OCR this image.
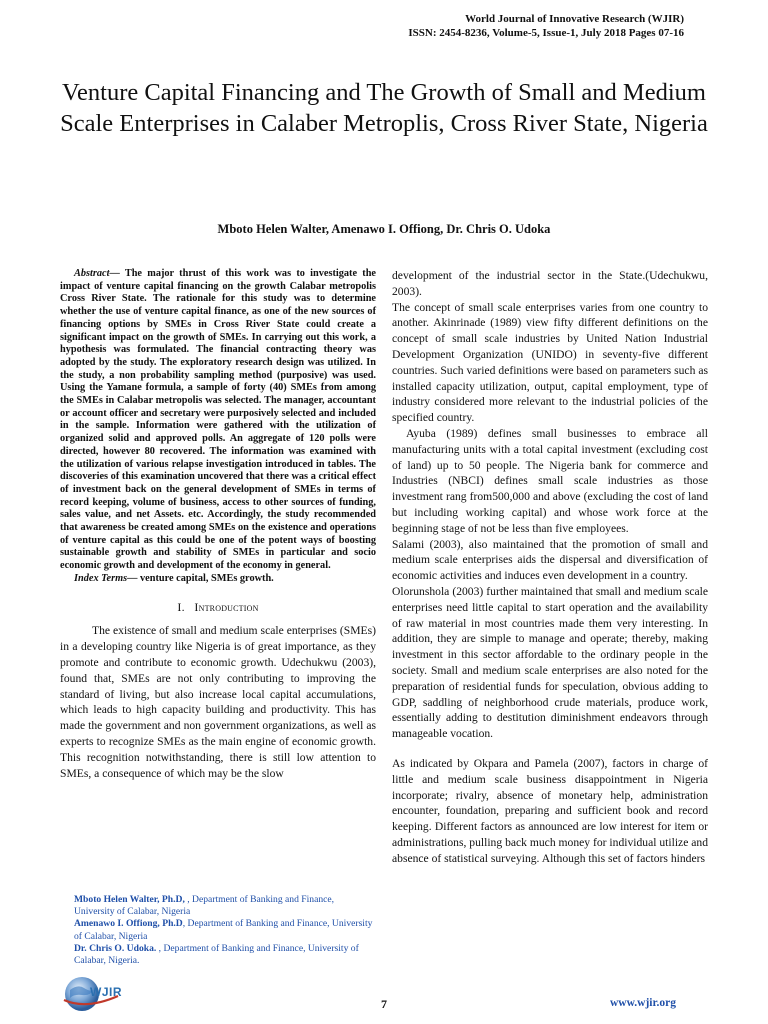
World Journal of Innovative Research (WJIR)
ISSN: 2454-8236, Volume-5, Issue-1, July 2018 Pages 07-16
Venture Capital Financing and The Growth of Small and Medium Scale Enterprises in Calaber Metroplis, Cross River State, Nigeria
Mboto Helen Walter, Amenawo I. Offiong, Dr. Chris O. Udoka

Abstract— The major thrust of this work was to investigate the impact of venture capital financing on the growth Calabar metropolis Cross River State. The rationale for this study was to determine whether the use of venture capital finance, as one of the new sources of financing options by SMEs in Cross River State could create a significant impact on the growth of SMEs. In carrying out this work, a hypothesis was formulated. The financial contracting theory was adopted by the study. The exploratory research design was utilized. In the study, a non probability sampling method (purposive) was used. Using the Yamane formula, a sample of forty (40) SMEs from among the SMEs in Calabar metropolis was selected. The manager, accountant or account officer and secretary were purposively selected and included in the sample. Information were gathered with the utilization of organized solid and approved polls. An aggregate of 120 polls were directed, however 80 recovered. The information was examined with the utilization of various relapse investigation introduced in tables. The discoveries of this examination uncovered that there was a critical effect of investment back on the general development of SMEs in terms of record keeping, volume of business, access to other sources of funding, sales value, and net Assets. etc. Accordingly, the study recommended that awareness be created among SMEs on the existence and operations of venture capital as this could be one of the potent ways of boosting sustainable growth and stability of SMEs in particular and socio economic growth and development of the economy in general.

Index Terms— venture capital, SMEs growth.

I. Introduction

The existence of small and medium scale enterprises (SMEs) in a developing country like Nigeria is of great importance, as they promote and contribute to economic growth. Udechukwu (2003), found that, SMEs are not only contributing to improving the standard of living, but also increase local capital accumulations, which leads to high capacity building and productivity. This has made the government and non government organizations, as well as experts to recognize SMEs as the main engine of economic growth. This recognition notwithstanding, there is still low attention to SMEs, a consequence of which may be the slow

Mboto Helen Walter, Ph.D, , Department of Banking and Finance, University of Calabar, Nigeria

Amenawo I. Offiong, Ph.D, Department of Banking and Finance, University of Calabar, Nigeria

Dr. Chris O. Udoka. , Department of Banking and Finance, University of Calabar, Nigeria.

development of the industrial sector in the State.(Udechukwu, 2003).

The concept of small scale enterprises varies from one country to another. Akinrinade (1989) view fifty different definitions on the concept of small scale industries by United Nation Industrial Development Organization (UNIDO) in seventy-five different countries. Such varied definitions were based on parameters such as installed capacity utilization, output, capital employment, type of industry considered more relevant to the industrial policies of the specified country.

Ayuba (1989) defines small businesses to embrace all manufacturing units with a total capital investment (excluding cost of land) up to 50 people. The Nigeria bank for commerce and Industries (NBCI) defines small scale industries as those investment rang from500,000 and above (excluding the cost of land but including working capital) and whose work force at the beginning stage of not be less than five employees.

Salami (2003), also maintained that the promotion of small and medium scale enterprises aids the dispersal and diversification of economic activities and induces even development in a country.

Olorunshola (2003) further maintained that small and medium scale enterprises need little capital to start operation and the availability of raw material in most countries made them very interesting. In addition, they are simple to manage and operate; thereby, making investment in this sector affordable to the ordinary people in the society. Small and medium scale enterprises are also noted for the preparation of residential funds for speculation, obvious adding to GDP, saddling of neighborhood crude materials, produce work, essentially adding to destitution diminishment endeavors through manageable vocation.

As indicated by Okpara and Pamela (2007), factors in charge of little and medium scale business disappointment in Nigeria incorporate; rivalry, absence of monetary help, administration encounter, foundation, preparing and sufficient book and record keeping. Different factors as announced are low interest for item or administrations, pulling back much money for individual utilize and absence of statistical surveying. Although this set of factors hinders

WJIR
7	www.wjir.org
